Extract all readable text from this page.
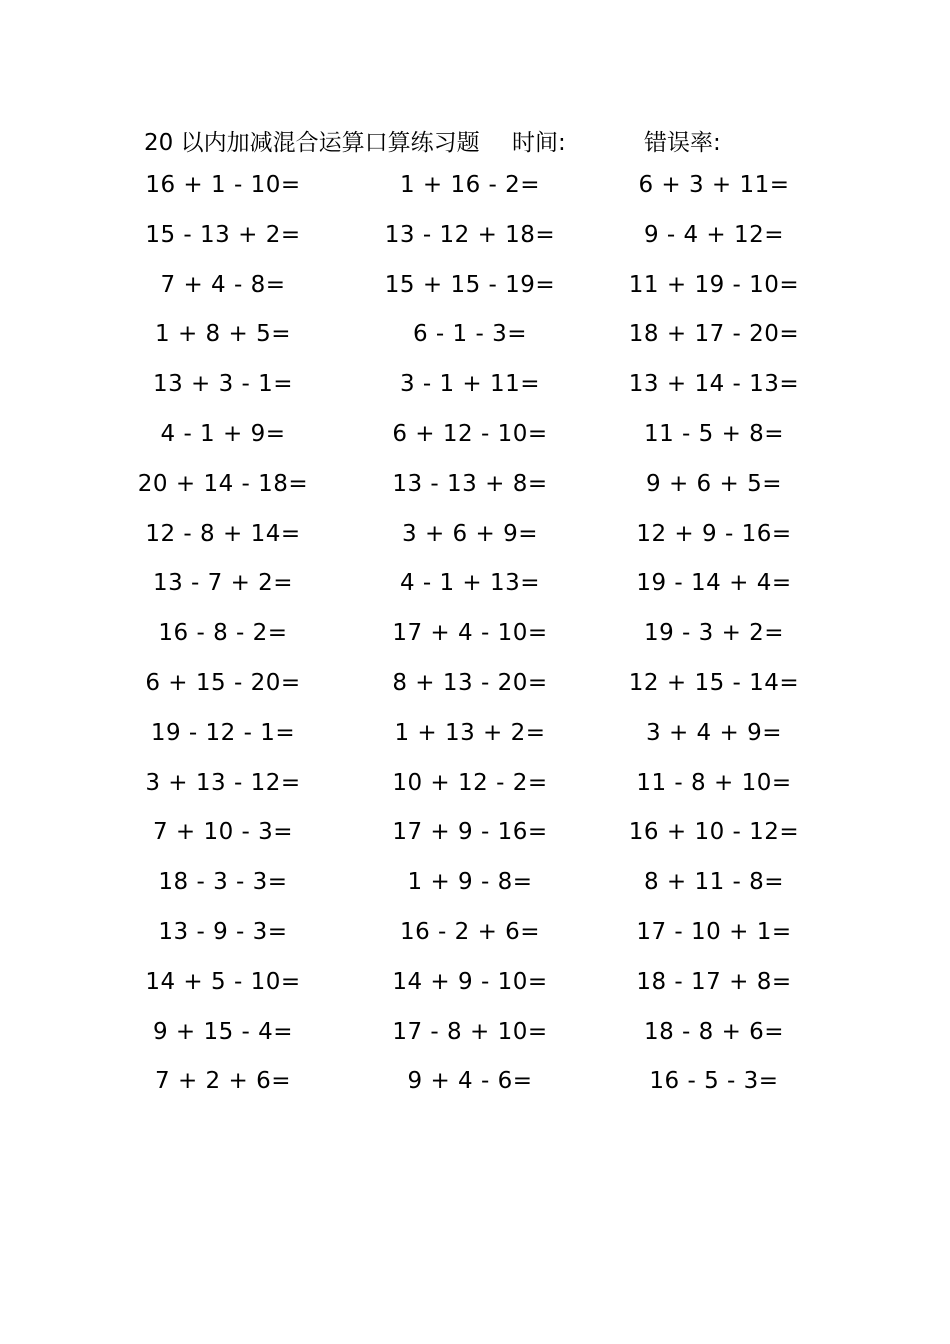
20 以内加减混合运算口算练习题 时间:	错误率:
16 + 1 - 10=	1 + 16 - 2=	6 + 3 + 11=
15 - 13 + 2=	13 - 12 + 18=	9 - 4 + 12=
7 + 4 - 8=	15 + 15 - 19=	11 + 19 - 10=
1 + 8 + 5=	6 - 1 - 3=	18 + 17 - 20=
13 + 3 - 1=	3 - 1 + 11=	13 + 14 - 13=
4 - 1 + 9=	6 + 12 - 10=	11 - 5 + 8=
20 + 14 - 18=	13 - 13 + 8=	9 + 6 + 5=
12 - 8 + 14=	3 + 6 + 9=	12 + 9 - 16=
13 - 7 + 2=	4 - 1 + 13=	19 - 14 + 4=
16 - 8 - 2=	17 + 4 - 10=	19 - 3 + 2=
6 + 15 - 20=	8 + 13 - 20=	12 + 15 - 14=
19 - 12 - 1=	1 + 13 + 2=	3 + 4 + 9=
3 + 13 - 12=	10 + 12 - 2=	11 - 8 + 10=
7 + 10 - 3=	17 + 9 - 16=	16 + 10 - 12=
18 - 3 - 3=	1 + 9 - 8=	8 + 11 - 8=
13 - 9 - 3=	16 - 2 + 6=	17 - 10 + 1=
14 + 5 - 10=	14 + 9 - 10=	18 - 17 + 8=
9 + 15 - 4=	17 - 8 + 10=	18 - 8 + 6=
7 + 2 + 6=	9 + 4 - 6=	16 - 5 - 3=
